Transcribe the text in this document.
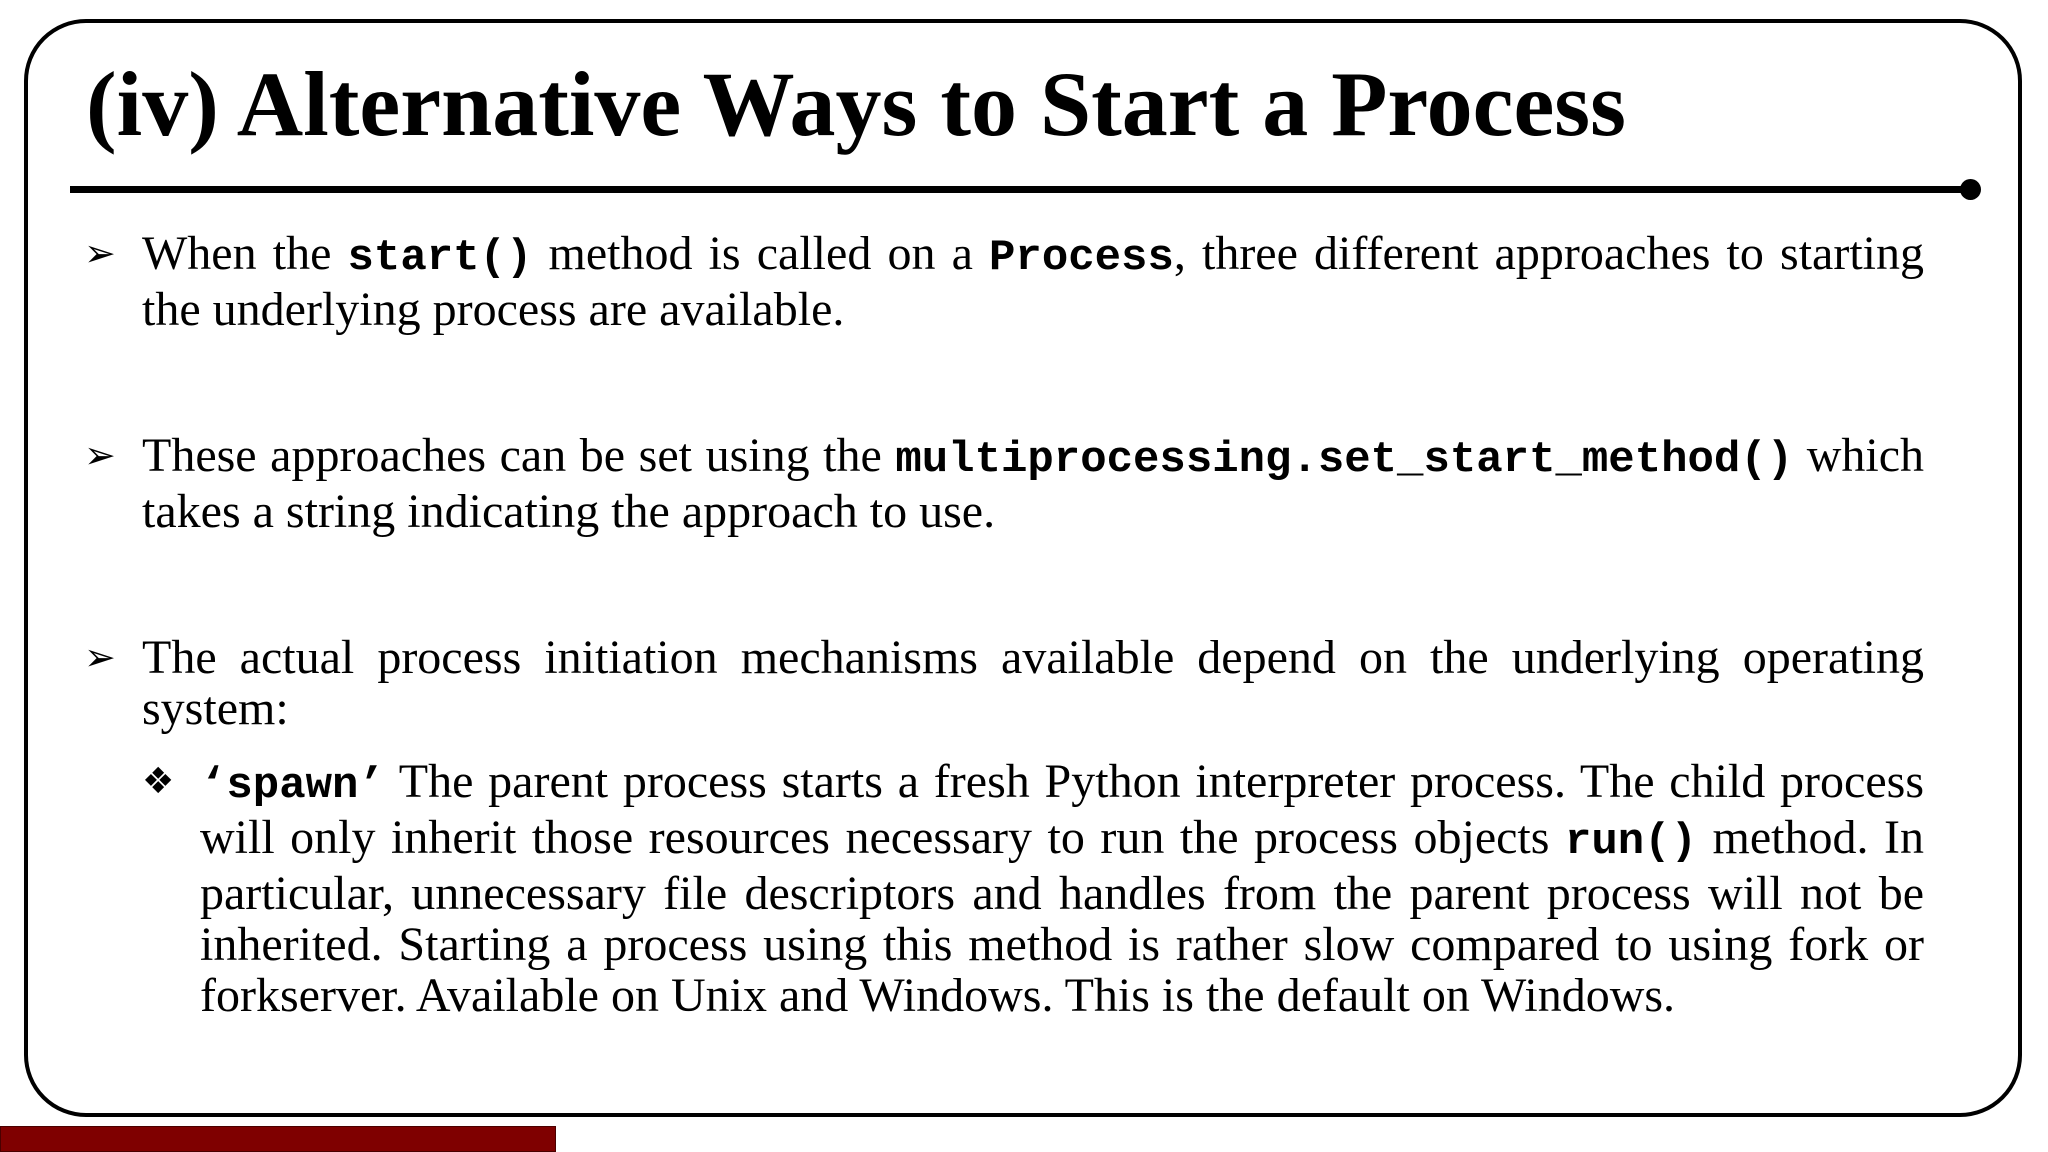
(iv) Alternative Ways to Start a Process
➢ When the start() method is called on a Process, three different approaches to starting the underlying process are available.
➢ These approaches can be set using the multiprocessing.set_start_method() which takes a string indicating the approach to use.
➢ The actual process initiation mechanisms available depend on the underlying operating system:
❖ ‘spawn’ The parent process starts a fresh Python interpreter process. The child process will only inherit those resources necessary to run the process objects run() method. In particular, unnecessary file descriptors and handles from the parent process will not be inherited. Starting a process using this method is rather slow compared to using fork or forkserver. Available on Unix and Windows. This is the default on Windows.
